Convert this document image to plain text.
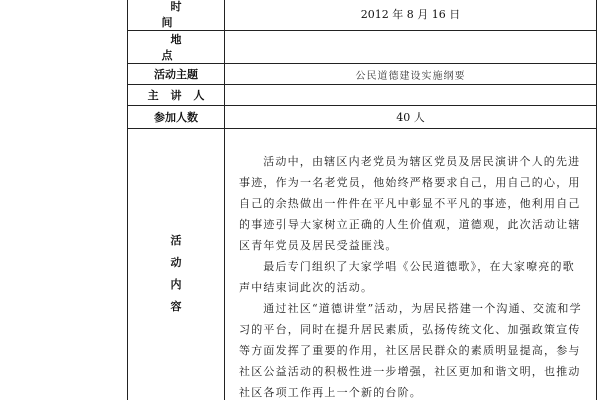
时 间	2012 年 8 月 16 日
地 点	
活动主题	公民道德建设实施纲要
主 讲 人	
参加人数	40 人
活动内容	活动中，由辖区内老党员为辖区党员及居民演讲个人的先进事迹，作为一名老党员，他始终严格要求自己，用自己的心，用自己的余热做出一件件在平凡中彰显不平凡的事迹，他利用自己的事迹引导大家树立正确的人生价值观，道德观，此次活动让辖区青年党员及居民受益匪浅。

最后专门组织了大家学唱《公民道德歌》，在大家嘹亮的歌声中结束词此次的活动。

通过社区“道德讲堂”活动，为居民搭建一个沟通、交流和学习的平台，同时在提升居民素质，弘扬传统文化、加强政策宣传等方面发挥了重要的作用，社区居民群众的素质明显提高，参与社区公益活动的积极性进一步增强，社区更加和谐文明，也推动社区各项工作再上一个新的台阶。
